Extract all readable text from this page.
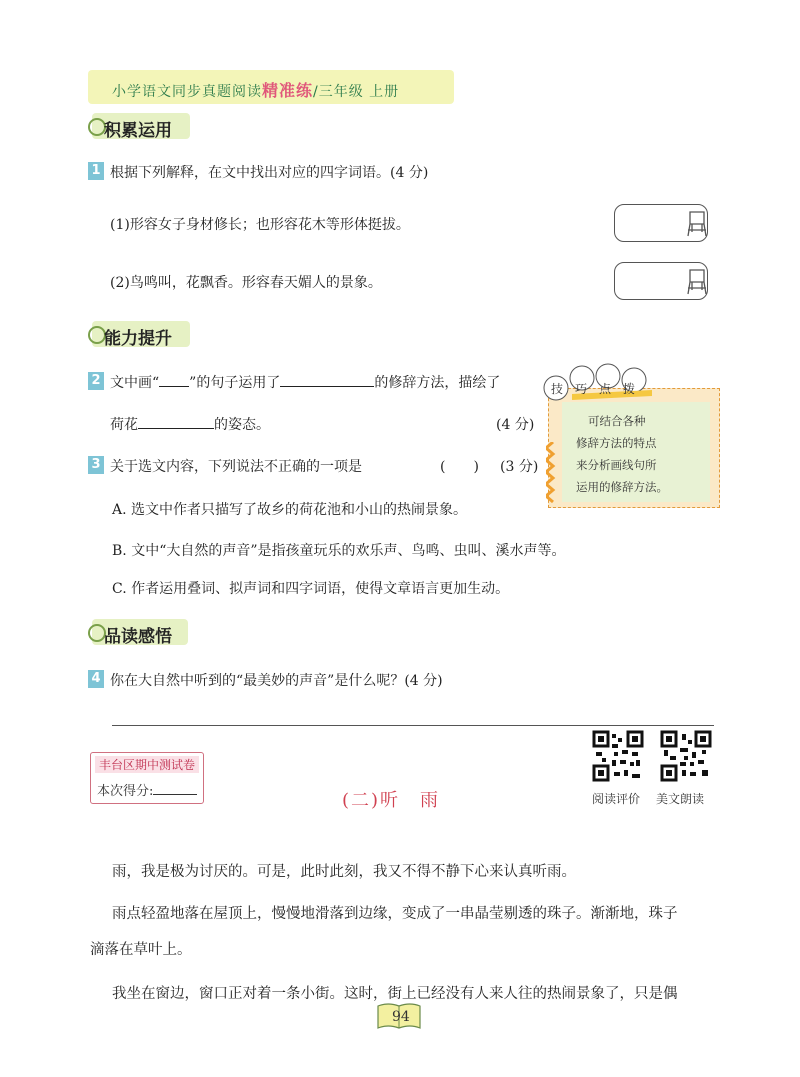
小学语文同步真题阅读精准练/三年级 上册
积累运用
1 根据下列解释，在文中找出对应的四字词语。(4 分)
(1)形容女子身材修长；也形容花木等形体挺拔。
(2)鸟鸣叫，花飘香。形容春天媚人的景象。
能力提升
2 文中画“ ”的句子运用了	的修辞方法，描绘了
荷花	的姿态。	(4 分)
技巧点拨
可结合各种
修辞方法的特点
来分析画线句所
运用的修辞方法。
3 关于选文内容，下列说法不正确的一项是	(　　) (3 分)
A. 选文中作者只描写了故乡的荷花池和小山的热闹景象。
B. 文中“大自然的声音”是指孩童玩乐的欢乐声、鸟鸣、虫叫、溪水声等。
C. 作者运用叠词、拟声词和四字词语，使得文章语言更加生动。
品读感悟
4 你在大自然中听到的“最美妙的声音”是什么呢？(4 分)
丰台区期中测试卷
本次得分:	(二)听　雨	阅读评价 美文朗读
雨，我是极为讨厌的。可是，此时此刻，我又不得不静下心来认真听雨。
雨点轻盈地落在屋顶上，慢慢地滑落到边缘，变成了一串晶莹剔透的珠子。渐渐地，珠子
滴落在草叶上。
我坐在窗边，窗口正对着一条小街。这时，街上已经没有人来人往的热闹景象了，只是偶
94
